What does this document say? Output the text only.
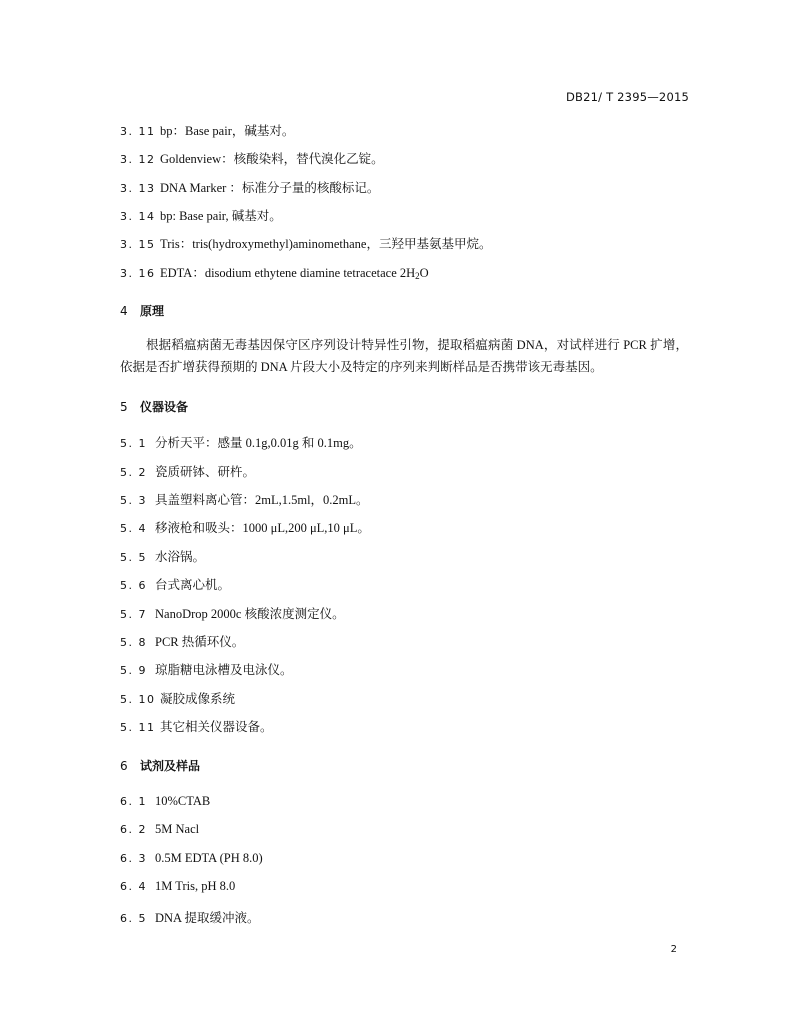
DB21/ T 2395—2015
3. 11 bp：Base pair，碱基对。
3. 12 Goldenview：核酸染料，替代溴化乙锭。
3. 13 DNA Marker ：标准分子量的核酸标记。
3. 14 bp: Base pair, 碱基对。
3. 15 Tris：tris(hydroxymethyl)aminomethane，三羟甲基氨基甲烷。
3. 16 EDTA：disodium ethytene diamine tetracetace $2H_2O$
4 原理
根据稻瘟病菌无毒基因保守区序列设计特异性引物，提取稻瘟病菌 DNA，对试样进行 PCR 扩增，依据是否扩增获得预期的 DNA 片段大小及特定的序列来判断样品是否携带该无毒基因。
5 仪器设备
5. 1 分析天平：感量 0.1g,0.01g 和 0.1mg。
5. 2 瓷质研钵、研杵。
5. 3 具盖塑料离心管：2mL,1.5ml，0.2mL。
5. 4 移液枪和吸头：1000 μL,200 μL,10 μL。
5. 5 水浴锅。
5. 6 台式离心机。
5. 7 NanoDrop 2000c 核酸浓度测定仪。
5. 8 PCR 热循环仪。
5. 9 琼脂糖电泳槽及电泳仪。
5. 10 凝胶成像系统
5. 11 其它相关仪器设备。
6 试剂及样品
6. 1 10%CTAB
6. 2 5M Nacl
6. 3 0.5M EDTA (PH 8.0)
6. 4 1M Tris, pH 8.0
6. 5 DNA 提取缓冲液。
2
